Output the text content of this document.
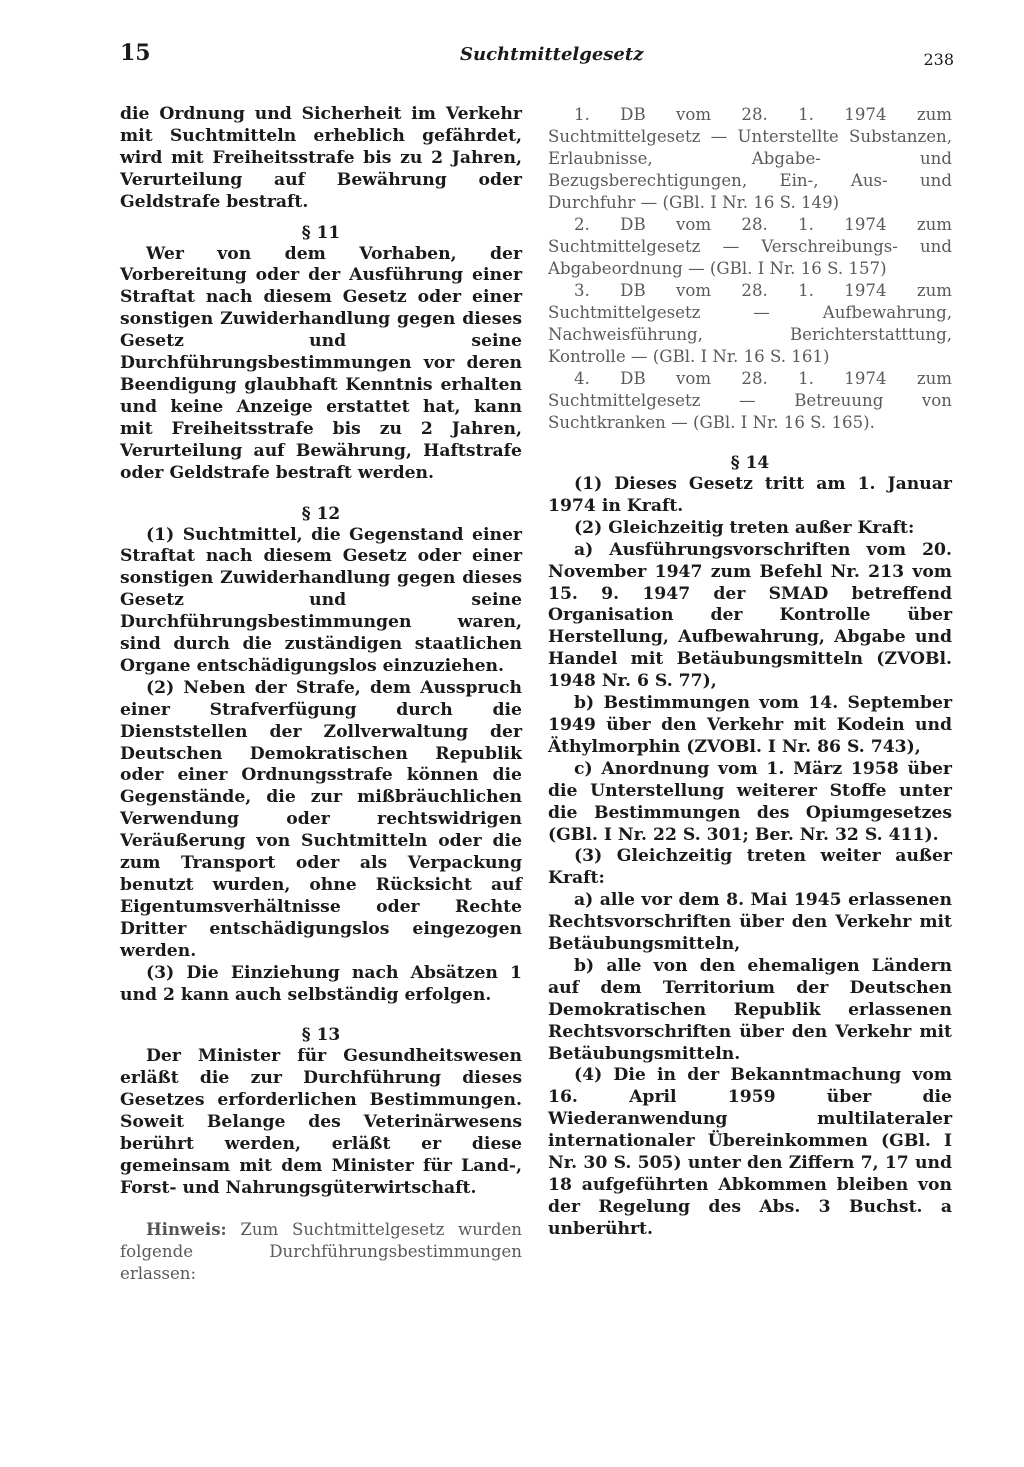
15	Suchtmittelgesetz	238

die Ordnung und Sicherheit im Verkehr mit Suchtmitteln erheblich gefährdet, wird mit Freiheitsstrafe bis zu 2 Jahren, Verurteilung auf Bewährung oder Geldstrafe bestraft.

§ 11

Wer von dem Vorhaben, der Vorbereitung oder der Ausführung einer Straftat nach diesem Gesetz oder einer sonstigen Zuwiderhandlung gegen dieses Gesetz und seine Durchführungsbestimmungen vor deren Beendigung glaubhaft Kenntnis erhalten und keine Anzeige erstattet hat, kann mit Freiheitsstrafe bis zu 2 Jahren, Verurteilung auf Bewährung, Haftstrafe oder Geldstrafe bestraft werden.

§ 12

(1) Suchtmittel, die Gegenstand einer Straftat nach diesem Gesetz oder einer sonstigen Zuwiderhandlung gegen dieses Gesetz und seine Durchführungsbestimmungen waren, sind durch die zuständigen staatlichen Organe entschädigungslos einzuziehen.

(2) Neben der Strafe, dem Ausspruch einer Strafverfügung durch die Dienststellen der Zollverwaltung der Deutschen Demokratischen Republik oder einer Ordnungsstrafe können die Gegenstände, die zur mißbräuchlichen Verwendung oder rechtswidrigen Veräußerung von Suchtmitteln oder die zum Transport oder als Verpackung benutzt wurden, ohne Rücksicht auf Eigentumsverhältnisse oder Rechte Dritter entschädigungslos eingezogen werden.

(3) Die Einziehung nach Absätzen 1 und 2 kann auch selbständig erfolgen.

§ 13

Der Minister für Gesundheitswesen erläßt die zur Durchführung dieses Gesetzes erforderlichen Bestimmungen. Soweit Belange des Veterinärwesens berührt werden, erläßt er diese gemeinsam mit dem Minister für Land-, Forst- und Nahrungsgüterwirtschaft.

Hinweis: Zum Suchtmittelgesetz wurden folgende Durchführungsbestimmungen erlassen:

1. DB vom 28. 1. 1974 zum Suchtmittelgesetz — Unterstellte Substanzen, Erlaubnisse, Abgabe- und Bezugsberechtigungen, Ein-, Aus- und Durchfuhr — (GBl. I Nr. 16 S. 149)

2. DB vom 28. 1. 1974 zum Suchtmittelgesetz — Verschreibungs- und Abgabeordnung — (GBl. I Nr. 16 S. 157)

3. DB vom 28. 1. 1974 zum Suchtmittelgesetz — Aufbewahrung, Nachweisführung, Berichterstatttung, Kontrolle — (GBl. I Nr. 16 S. 161)

4. DB vom 28. 1. 1974 zum Suchtmittelgesetz — Betreuung von Suchtkranken — (GBl. I Nr. 16 S. 165).

§ 14

(1) Dieses Gesetz tritt am 1. Januar 1974 in Kraft.

(2) Gleichzeitig treten außer Kraft:

a) Ausführungsvorschriften vom 20. November 1947 zum Befehl Nr. 213 vom 15. 9. 1947 der SMAD betreffend Organisation der Kontrolle über Herstellung, Aufbewahrung, Abgabe und Handel mit Betäubungsmitteln (ZVOBl. 1948 Nr. 6 S. 77),

b) Bestimmungen vom 14. September 1949 über den Verkehr mit Kodein und Äthylmorphin (ZVOBl. I Nr. 86 S. 743),

c) Anordnung vom 1. März 1958 über die Unterstellung weiterer Stoffe unter die Bestimmungen des Opiumgesetzes (GBl. I Nr. 22 S. 301; Ber. Nr. 32 S. 411).

(3) Gleichzeitig treten weiter außer Kraft:

a) alle vor dem 8. Mai 1945 erlassenen Rechtsvorschriften über den Verkehr mit Betäubungsmitteln,

b) alle von den ehemaligen Ländern auf dem Territorium der Deutschen Demokratischen Republik erlassenen Rechtsvorschriften über den Verkehr mit Betäubungsmitteln.

(4) Die in der Bekanntmachung vom 16. April 1959 über die Wiederanwendung multilateraler internationaler Übereinkommen (GBl. I Nr. 30 S. 505) unter den Ziffern 7, 17 und 18 aufgeführten Abkommen bleiben von der Regelung des Abs. 3 Buchst. a unberührt.
